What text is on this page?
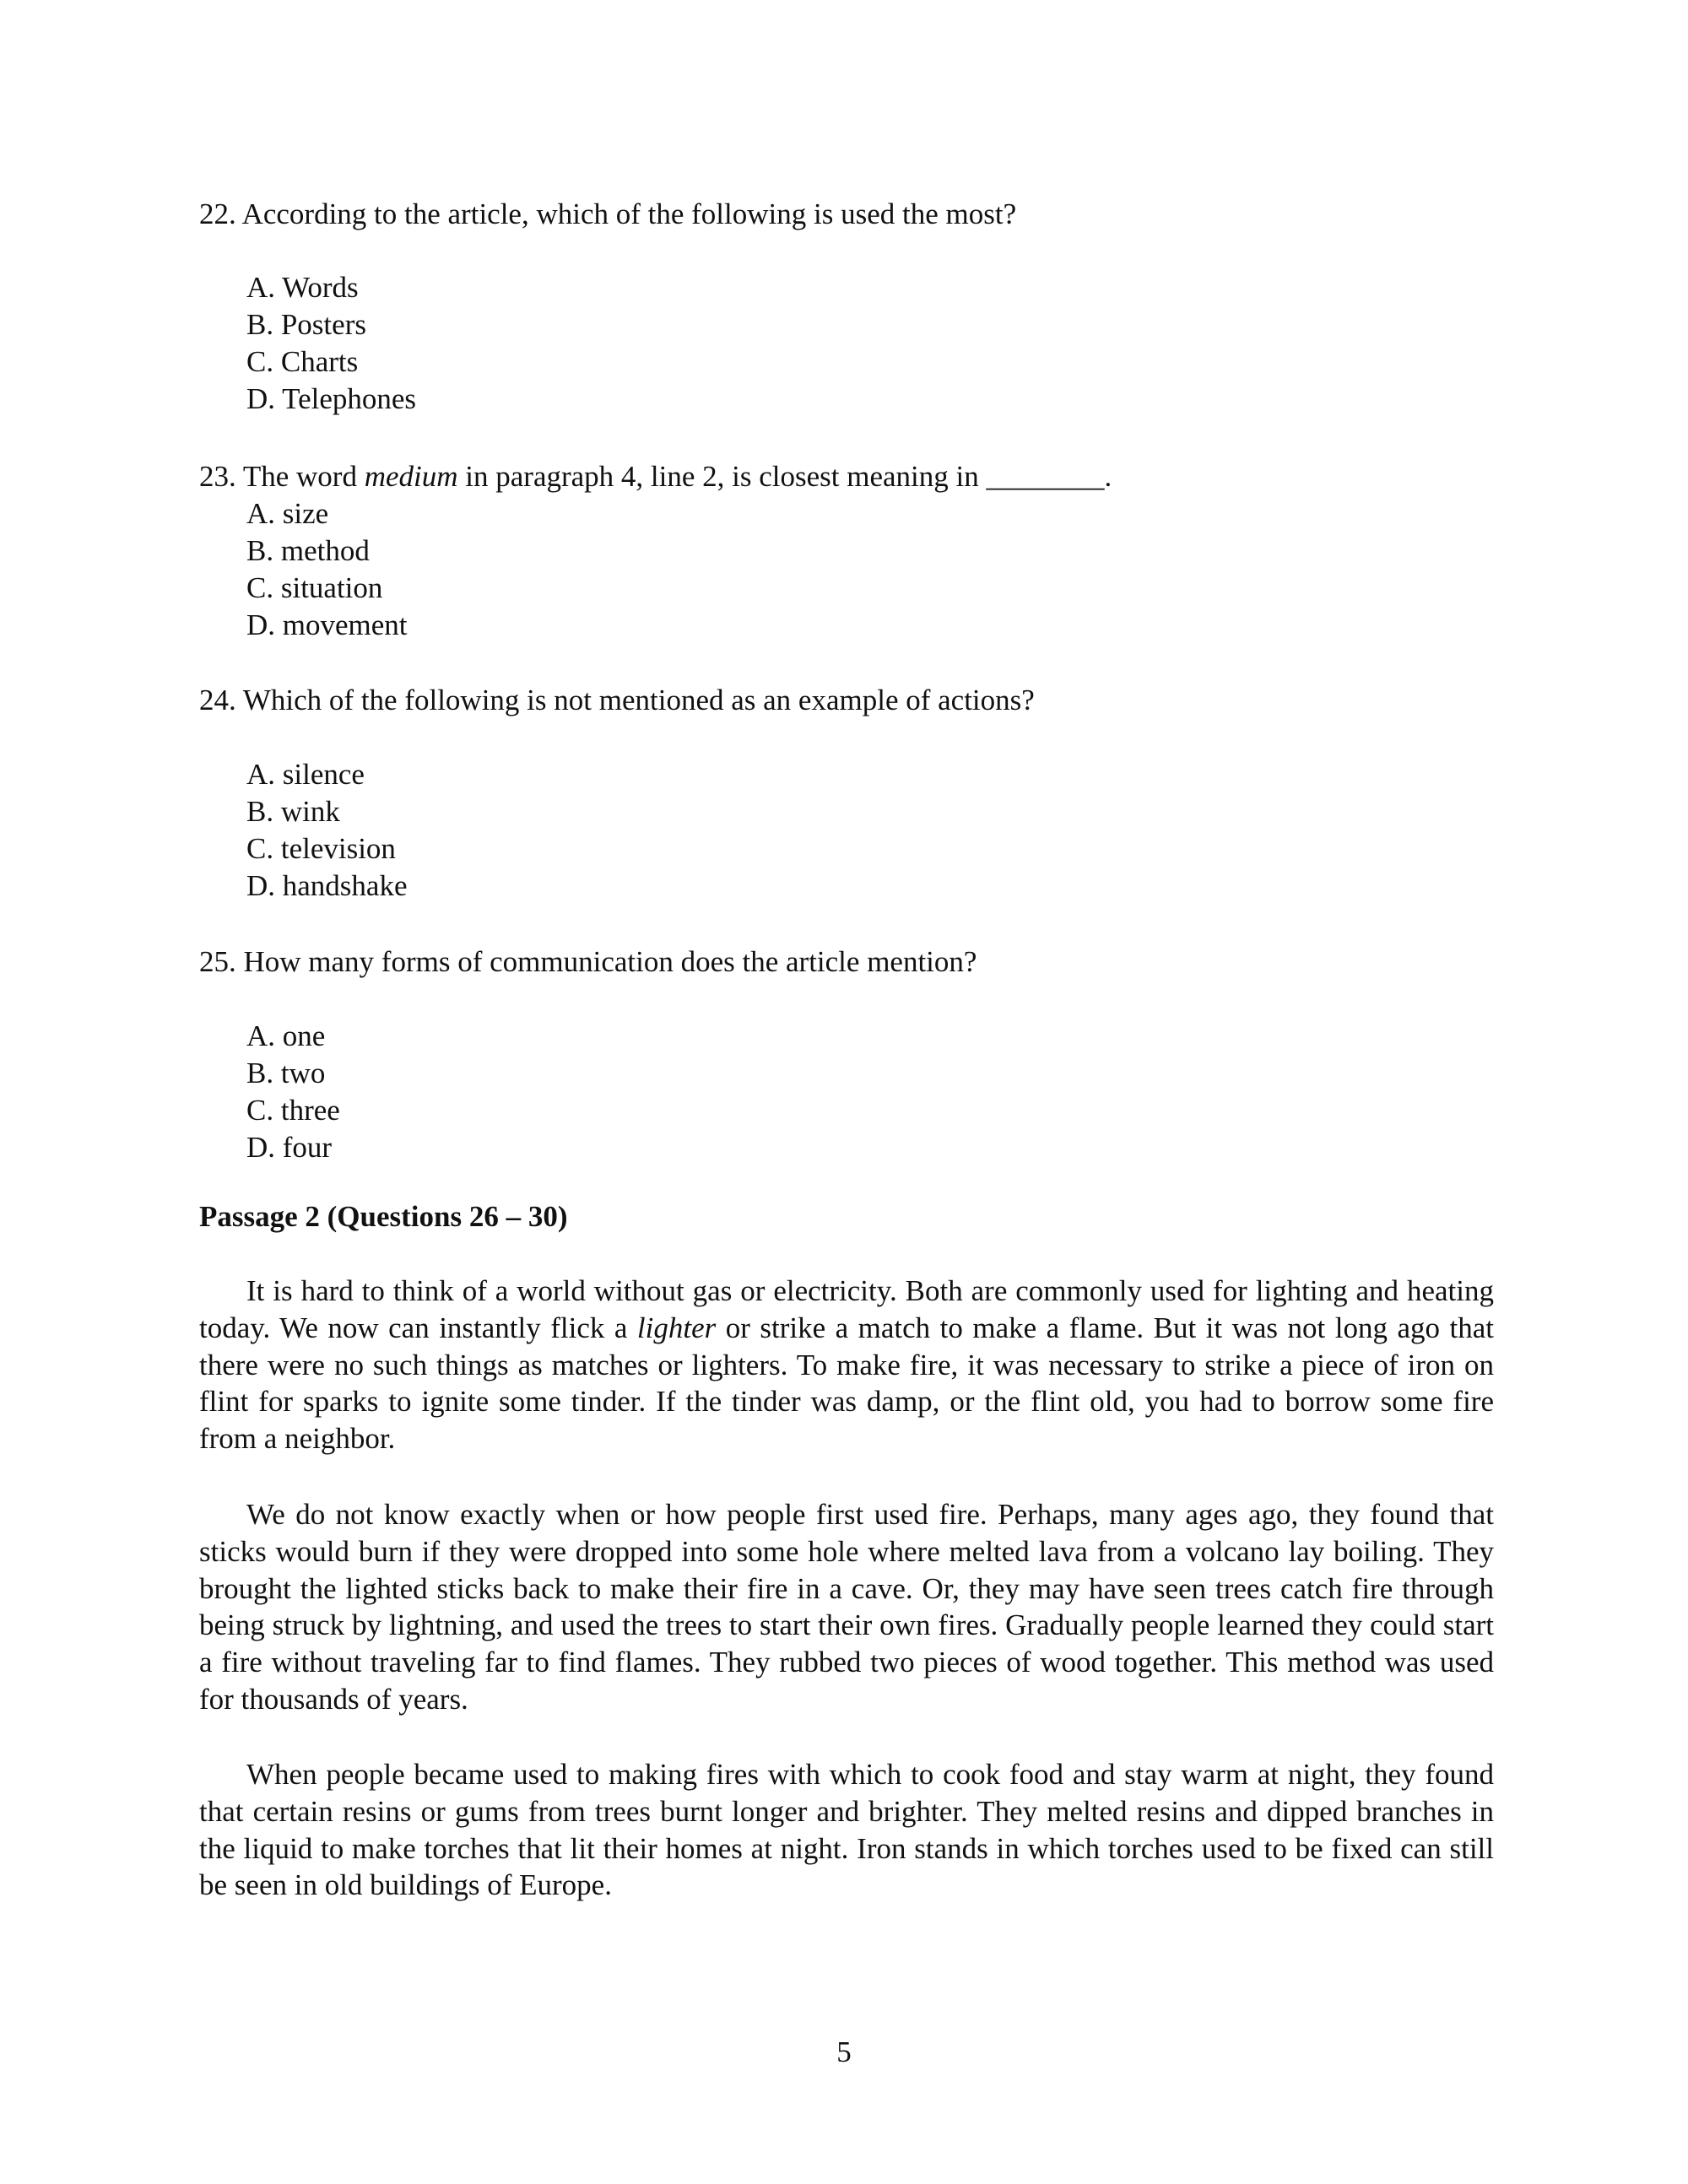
22. According to the article, which of the following is used the most?
A. Words
B. Posters
C. Charts
D. Telephones
23. The word medium in paragraph 4, line 2, is closest meaning in ________.
A. size
B. method
C. situation
D. movement
24. Which of the following is not mentioned as an example of actions?
A. silence
B. wink
C. television
D. handshake
25. How many forms of communication does the article mention?
A. one
B. two
C. three
D. four
Passage 2 (Questions 26 – 30)

It is hard to think of a world without gas or electricity. Both are commonly used for lighting and heating today. We now can instantly flick a lighter or strike a match to make a flame. But it was not long ago that there were no such things as matches or lighters. To make fire, it was necessary to strike a piece of iron on flint for sparks to ignite some tinder. If the tinder was damp, or the flint old, you had to borrow some fire from a neighbor.

We do not know exactly when or how people first used fire. Perhaps, many ages ago, they found that sticks would burn if they were dropped into some hole where melted lava from a volcano lay boiling. They brought the lighted sticks back to make their fire in a cave. Or, they may have seen trees catch fire through being struck by lightning, and used the trees to start their own fires. Gradually people learned they could start a fire without traveling far to find flames. They rubbed two pieces of wood together. This method was used for thousands of years.

When people became used to making fires with which to cook food and stay warm at night, they found that certain resins or gums from trees burnt longer and brighter. They melted resins and dipped branches in the liquid to make torches that lit their homes at night. Iron stands in which torches used to be fixed can still be seen in old buildings of Europe.

5
